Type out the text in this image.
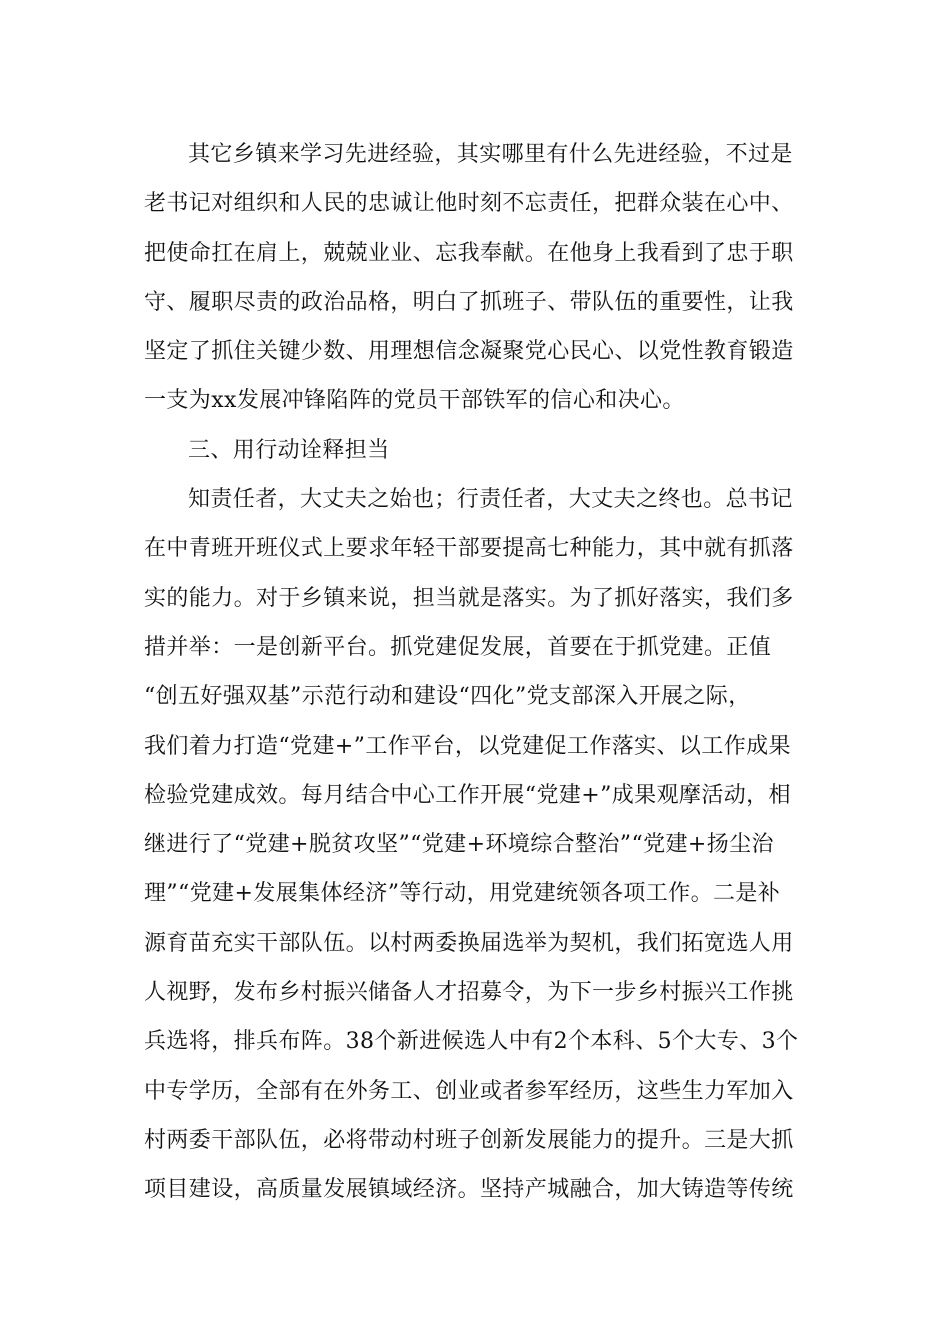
其它乡镇来学习先进经验，其实哪里有什么先进经验，不过是
老书记对组织和人民的忠诚让他时刻不忘责任，把群众装在心中、
把使命扛在肩上，兢兢业业、忘我奉献。在他身上我看到了忠于职
守、履职尽责的政治品格，明白了抓班子、带队伍的重要性，让我
坚定了抓住关键少数、用理想信念凝聚党心民心、以党性教育锻造
一支为xx发展冲锋陷阵的党员干部铁军的信心和决心。
三、用行动诠释担当
知责任者，大丈夫之始也；行责任者，大丈夫之终也。总书记
在中青班开班仪式上要求年轻干部要提高七种能力，其中就有抓落
实的能力。对于乡镇来说，担当就是落实。为了抓好落实，我们多
措并举：一是创新平台。抓党建促发展，首要在于抓党建。正值
“创五好强双基”示范行动和建设“四化”党支部深入开展之际，
我们着力打造“党建+”工作平台，以党建促工作落实、以工作成果
检验党建成效。每月结合中心工作开展“党建+”成果观摩活动，相
继进行了“党建+脱贫攻坚”“党建+环境综合整治”“党建+扬尘治
理”“党建+发展集体经济”等行动，用党建统领各项工作。二是补
源育苗充实干部队伍。以村两委换届选举为契机，我们拓宽选人用
人视野，发布乡村振兴储备人才招募令，为下一步乡村振兴工作挑
兵选将，排兵布阵。38个新进候选人中有2个本科、5个大专、3个
中专学历，全部有在外务工、创业或者参军经历，这些生力军加入
村两委干部队伍，必将带动村班子创新发展能力的提升。三是大抓
项目建设，高质量发展镇域经济。坚持产城融合，加大铸造等传统
